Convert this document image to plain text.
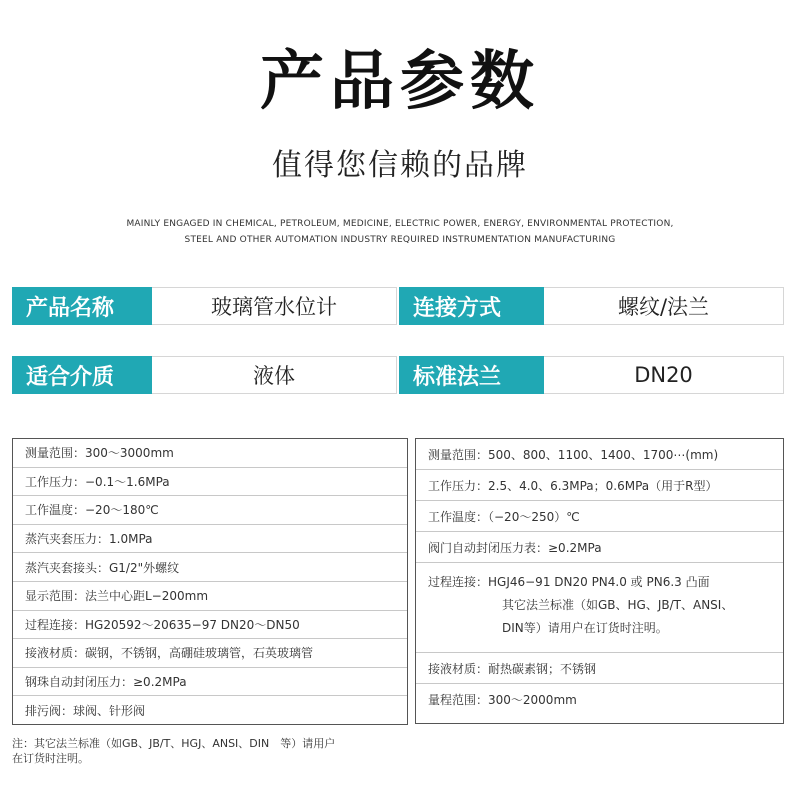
产品参数
值得您信赖的品牌
MAINLY ENGAGED IN CHEMICAL, PETROLEUM, MEDICINE, ELECTRIC POWER, ENERGY, ENVIRONMENTAL PROTECTION,
STEEL AND OTHER AUTOMATION INDUSTRY REQUIRED INSTRUMENTATION MANUFACTURING
产品名称	玻璃管水位计	连接方式	螺纹/法兰
适合介质	液体	标准法兰	DN20
测量范围：300～3000mm
工作压力：−0.1～1.6MPa
工作温度：−20～180℃
蒸汽夹套压力：1.0MPa
蒸汽夹套接头：G1/2"外螺纹
显示范围：法兰中心距L−200mm
过程连接：HG20592～20635−97 DN20～DN50
接液材质：碳钢，不锈钢，高硼硅玻璃管，石英玻璃管
钢珠自动封闭压力：≥0.2MPa
排污阀：球阀、针形阀
测量范围：500、800、1100、1400、1700⋯(mm)
工作压力：2.5、4.0、6.3MPa；0.6MPa（用于R型）
工作温度：（−20～250）℃
阀门自动封闭压力表：≥0.2MPa
过程连接：HGJ46−91 DN20 PN4.0 或 PN6.3 凸面
其它法兰标准（如GB、HG、JB/T、ANSI、
DIN等）请用户在订货时注明。
接液材质：耐热碳素钢；不锈钢
量程范围：300～2000mm
注：其它法兰标准（如GB、JB/T、HGJ、ANSI、DIN　等）请用户
在订货时注明。
